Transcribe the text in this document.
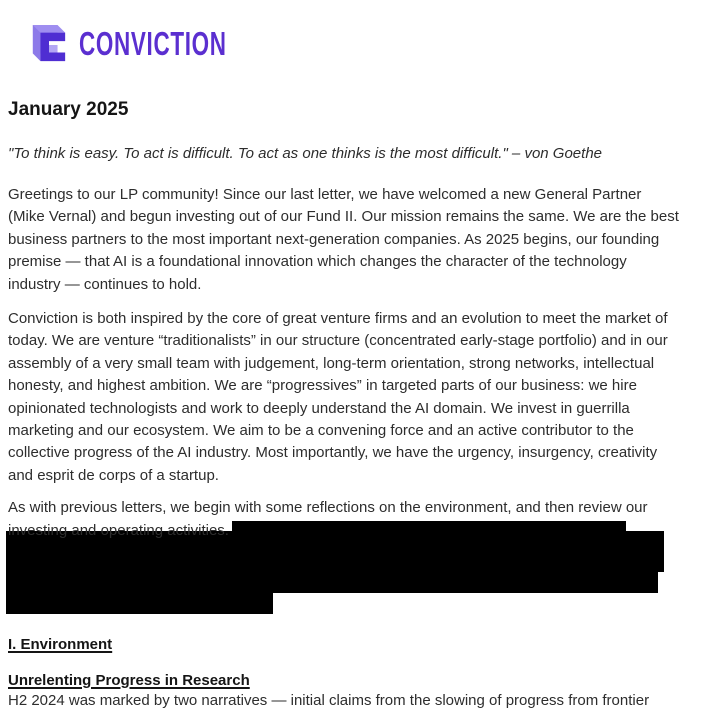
CONVICTION
January 2025

"To think is easy. To act is difficult. To act as one thinks is the most difficult." – von Goethe

Greetings to our LP community! Since our last letter, we have welcomed a new General Partner
(Mike Vernal) and begun investing out of our Fund II. Our mission remains the same. We are the best
business partners to the most important next-generation companies. As 2025 begins, our founding
premise — that AI is a foundational innovation which changes the character of the technology
industry — continues to hold.

Conviction is both inspired by the core of great venture firms and an evolution to meet the market of
today. We are venture “traditionalists” in our structure (concentrated early-stage portfolio) and in our
assembly of a very small team with judgement, long-term orientation, strong networks, intellectual
honesty, and highest ambition. We are “progressives” in targeted parts of our business: we hire
opinionated technologists and work to deeply understand the AI domain. We invest in guerrilla
marketing and our ecosystem. We aim to be a convening force and an active contributor to the
collective progress of the AI industry. Most importantly, we have the urgency, insurgency, creativity
and esprit de corps of a startup.

As with previous letters, we begin with some reflections on the environment, and then review our
investing and operating activities.

I. Environment
Unrelenting Progress in Research

H2 2024 was marked by two narratives — initial claims from the slowing of progress from frontier
